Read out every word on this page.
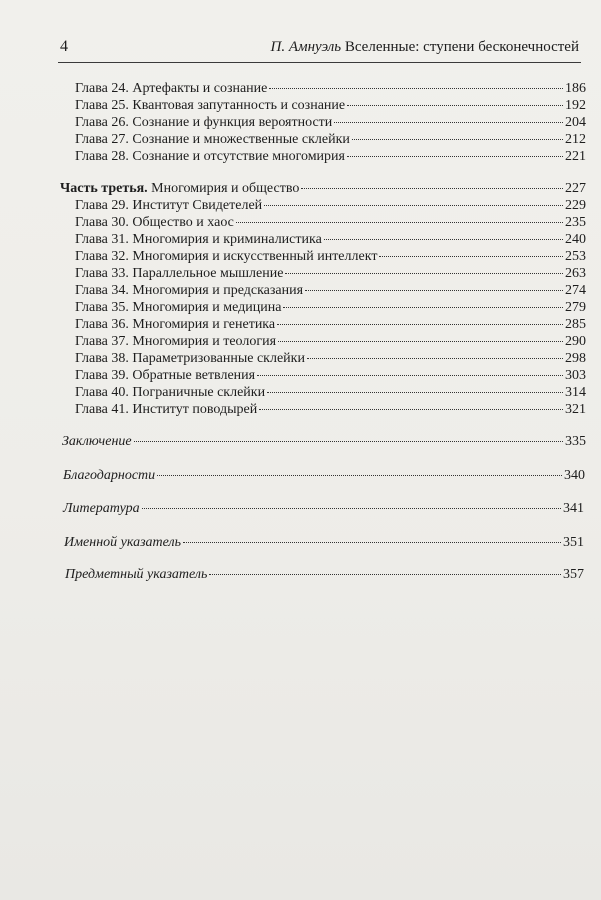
4	П. Амнуэль Вселенные: ступени бесконечностей
Глава 24. Артефакты и сознание	186
Глава 25. Квантовая запутанность и сознание	192
Глава 26. Сознание и функция вероятности	204
Глава 27. Сознание и множественные склейки	212
Глава 28. Сознание и отсутствие многомирия	221
Часть третья. Многомирия и общество	227
Глава 29. Институт Свидетелей	229
Глава 30. Общество и хаос	235
Глава 31. Многомирия и криминалистика	240
Глава 32. Многомирия и искусственный интеллект	253
Глава 33. Параллельное мышление	263
Глава 34. Многомирия и предсказания	274
Глава 35. Многомирия и медицина	279
Глава 36. Многомирия и генетика	285
Глава 37. Многомирия и теология	290
Глава 38. Параметризованные склейки	298
Глава 39. Обратные ветвления	303
Глава 40. Пограничные склейки	314
Глава 41. Институт поводырей	321
Заключение	335
Благодарности	340
Литература	341
Именной указатель	351
Предметный указатель	357
